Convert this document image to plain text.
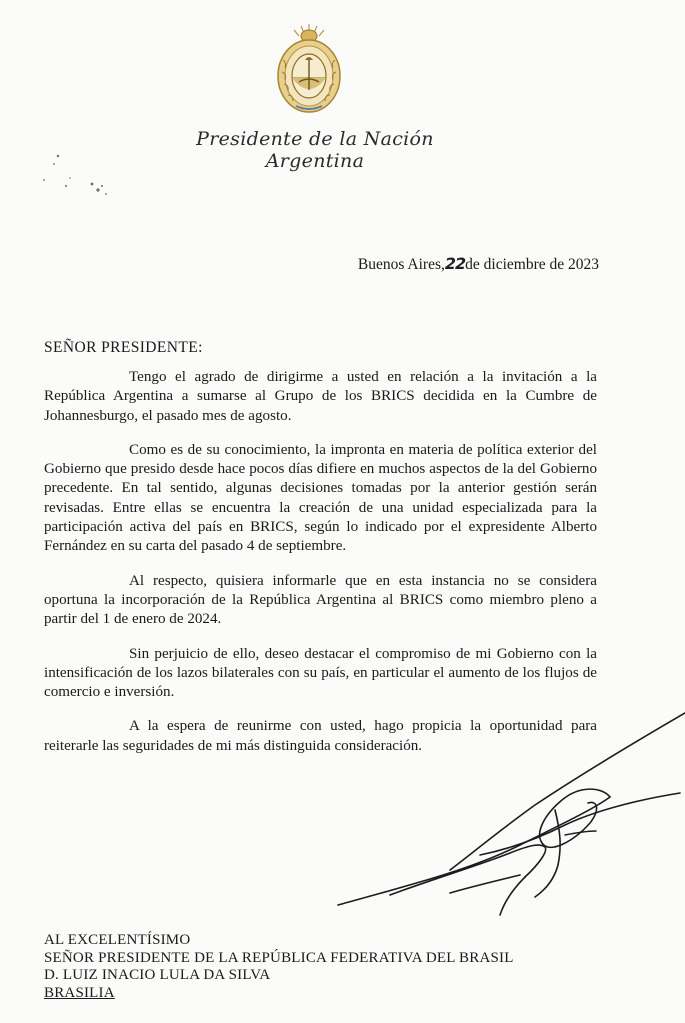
Presidente de la Nación Argentina
Buenos Aires,22de diciembre de 2023
SEÑOR PRESIDENTE:

Tengo el agrado de dirigirme a usted en relación a la invitación a la República Argentina a sumarse al Grupo de los BRICS decidida en la Cumbre de Johannesburgo, el pasado mes de agosto.

Como es de su conocimiento, la impronta en materia de política exterior del Gobierno que presido desde hace pocos días difiere en muchos aspectos de la del Gobierno precedente. En tal sentido, algunas decisiones tomadas por la anterior gestión serán revisadas. Entre ellas se encuentra la creación de una unidad especializada para la participación activa del país en BRICS, según lo indicado por el expresidente Alberto Fernández en su carta del pasado 4 de septiembre.

Al respecto, quisiera informarle que en esta instancia no se considera oportuna la incorporación de la República Argentina al BRICS como miembro pleno a partir del 1 de enero de 2024.

Sin perjuicio de ello, deseo destacar el compromiso de mi Gobierno con la intensificación de los lazos bilaterales con su país, en particular el aumento de los flujos de comercio e inversión.

A la espera de reunirme con usted, hago propicia la oportunidad para reiterarle las seguridades de mi más distinguida consideración.

AL EXCELENTÍSIMO
SEÑOR PRESIDENTE DE LA REPÚBLICA FEDERATIVA DEL BRASIL
D. LUIZ INACIO LULA DA SILVA
BRASILIA
